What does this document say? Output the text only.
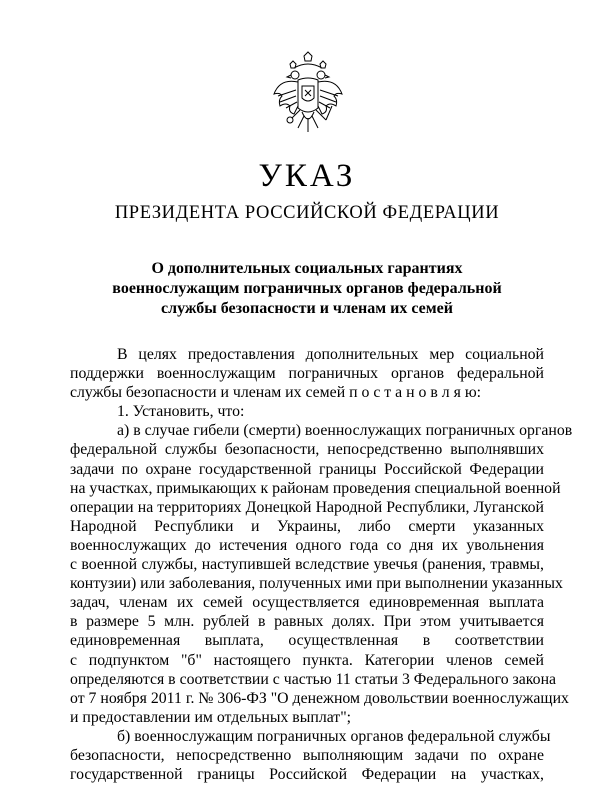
УКАЗ
ПРЕЗИДЕНТА РОССИЙСКОЙ ФЕДЕРАЦИИ
О дополнительных социальных гарантиях
военнослужащим пограничных органов федеральной
службы безопасности и членам их семей
В целях предоставления дополнительных мер социальной
поддержки военнослужащим пограничных органов федеральной
службы безопасности и членам их семей п о с т а н о в л я ю:
1. Установить, что:
а) в случае гибели (смерти) военнослужащих пограничных органов
федеральной службы безопасности, непосредственно выполнявших
задачи по охране государственной границы Российской Федерации
на участках, примыкающих к районам проведения специальной военной
операции на территориях Донецкой Народной Республики, Луганской
Народной Республики и Украины, либо смерти указанных
военнослужащих до истечения одного года со дня их увольнения
с военной службы, наступившей вследствие увечья (ранения, травмы,
контузии) или заболевания, полученных ими при выполнении указанных
задач, членам их семей осуществляется единовременная выплата
в размере 5 млн. рублей в равных долях. При этом учитывается
единовременная выплата, осуществленная в соответствии
с подпунктом "б" настоящего пункта. Категории членов семей
определяются в соответствии с частью 11 статьи 3 Федерального закона
от 7 ноября 2011 г. № 306-ФЗ "О денежном довольствии военнослужащих
и предоставлении им отдельных выплат";
б) военнослужащим пограничных органов федеральной службы
безопасности, непосредственно выполняющим задачи по охране
государственной границы Российской Федерации на участках,
